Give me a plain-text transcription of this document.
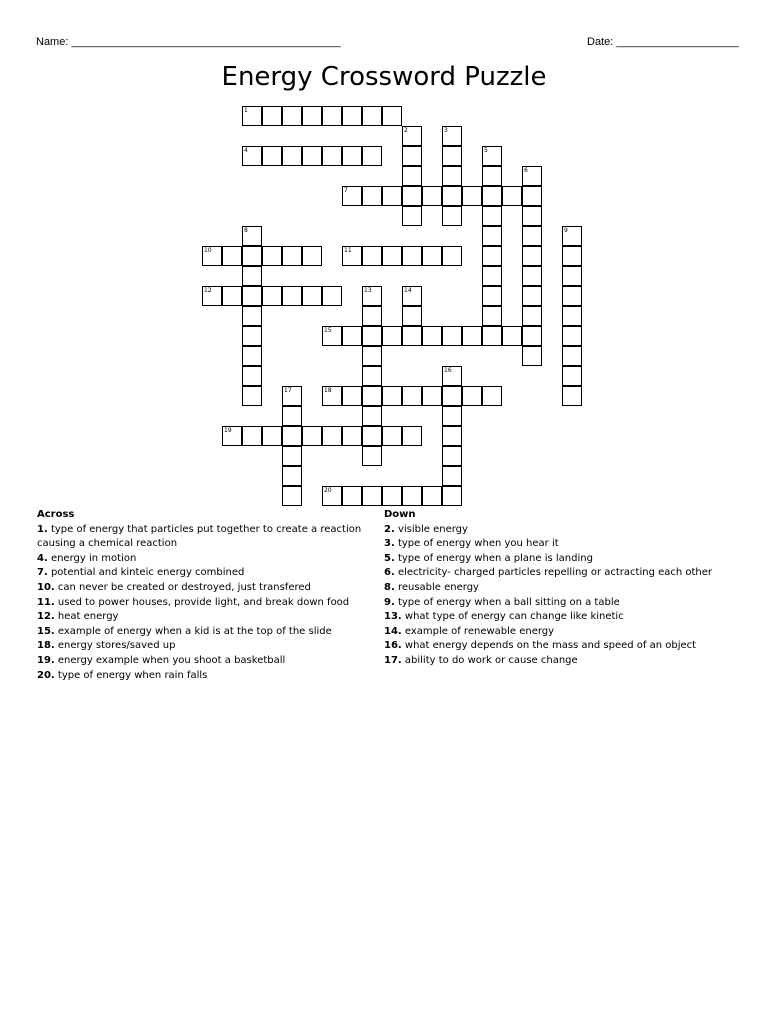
Name: ____________________________________________	Date: ____________________
Energy Crossword Puzzle
1
2	3
4	5
6
7
8	9
10	11
12	13	14
15
16
17	18
19
20
Across
1. type of energy that particles put together to create a reaction causing a chemical reaction
4. energy in motion
7. potential and kinteic energy combined
10. can never be created or destroyed, just transfered
11. used to power houses, provide light, and break down food
12. heat energy
15. example of energy when a kid is at the top of the slide
18. energy stores/saved up
19. energy example when you shoot a basketball
20. type of energy when rain falls
Down
2. visible energy
3. type of energy when you hear it
5. type of energy when a plane is landing
6. electricity- charged particles repelling or actracting each other
8. reusable energy
9. type of energy when a ball sitting on a table
13. what type of energy can change like kinetic
14. example of renewable energy
16. what energy depends on the mass and speed of an object
17. ability to do work or cause change
